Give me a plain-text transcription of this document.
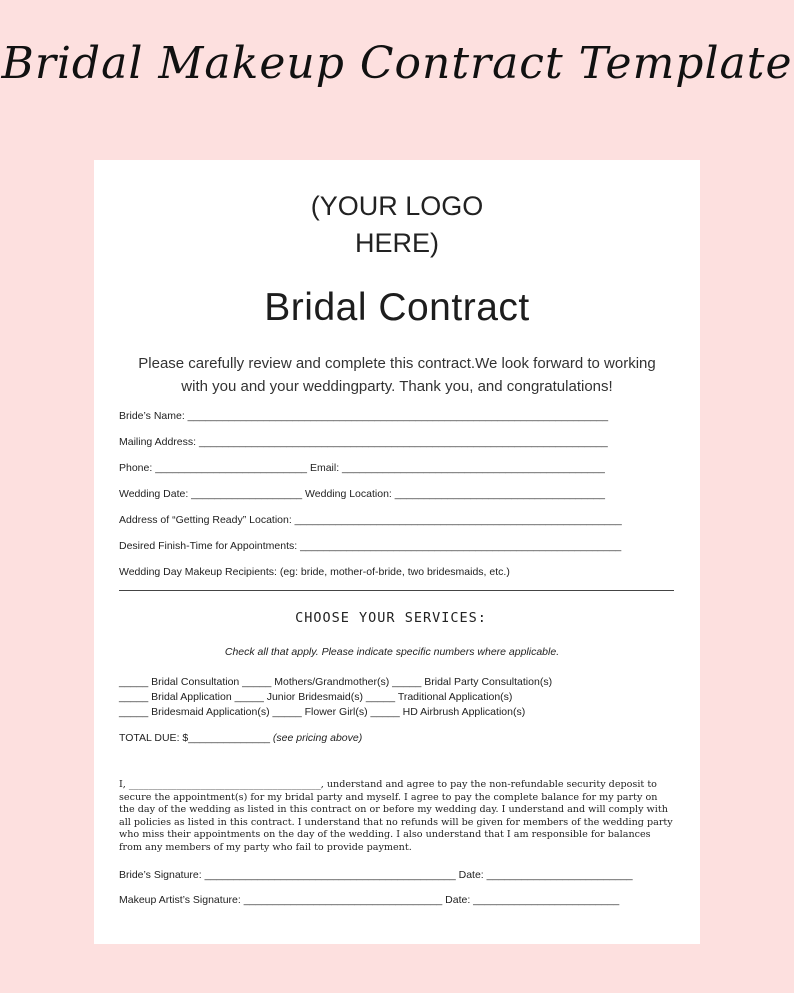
Bridal Makeup Contract Template
(YOUR LOGO
HERE)
Bridal Contract
Please carefully review and complete this contract.We look forward to working with you and your weddingparty. Thank you, and congratulations!
Bride’s Name: ________________________________________________________________________
Mailing Address: ______________________________________________________________________
Phone: __________________________ Email: _____________________________________________
Wedding Date: ___________________ Wedding Location: ____________________________________
Address of “Getting Ready” Location: ________________________________________________________
Desired Finish-Time for Appointments: _______________________________________________________
Wedding Day Makeup Recipients: (eg: bride, mother-of-bride, two bridesmaids, etc.)
CHOOSE YOUR SERVICES:
Check all that apply. Please indicate specific numbers where applicable.
_____ Bridal Consultation _____ Mothers/Grandmother(s) _____ Bridal Party Consultation(s)
_____ Bridal Application _____ Junior Bridesmaid(s) _____ Traditional Application(s)
_____ Bridesmaid Application(s) _____ Flower Girl(s) _____ HD Airbrush Application(s)
TOTAL DUE: $______________ (see pricing above)
I, ________________________________________, understand and agree to pay the non-refundable security deposit to secure the appointment(s) for my bridal party and myself. I agree to pay the complete balance for my party on the day of the wedding as listed in this contract on or before my wedding day. I understand and will comply with all policies as listed in this contract. I understand that no refunds will be given for members of the wedding party who miss their appointments on the day of the wedding. I also understand that I am responsible for balances from any members of my party who fail to provide payment.
Bride’s Signature: ___________________________________________ Date: _________________________
Makeup Artist’s Signature: __________________________________ Date: _________________________
